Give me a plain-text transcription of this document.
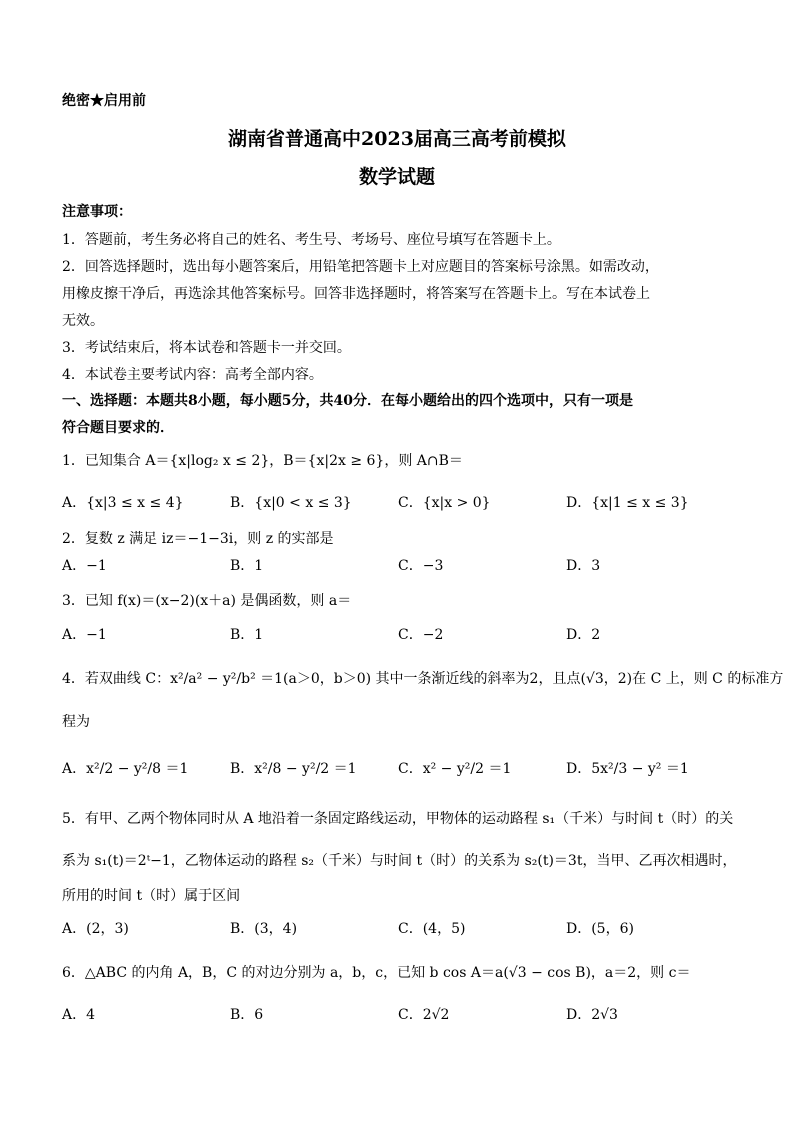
绝密★启用前
湖南省普通高中2023届高三高考前模拟
数学试题
注意事项：
1．答题前，考生务必将自己的姓名、考生号、考场号、座位号填写在答题卡上。
2．回答选择题时，选出每小题答案后，用铅笔把答题卡上对应题目的答案标号涂黑。如需改动，
用橡皮擦干净后，再选涂其他答案标号。回答非选择题时，将答案写在答题卡上。写在本试卷上
无效。
3．考试结束后，将本试卷和答题卡一并交回。
4．本试卷主要考试内容：高考全部内容。
一、选择题：本题共8小题，每小题5分，共40分．在每小题给出的四个选项中，只有一项是
符合题目要求的．
1．已知集合 A＝{x|log₂ x ≤ 2}，B＝{x|2x ≥ 6}，则 A∩B＝
A．{x|3 ≤ x ≤ 4}	B．{x|0 < x ≤ 3}	C．{x|x > 0}	D．{x|1 ≤ x ≤ 3}
2．复数 z 满足 iz＝−1−3i，则 z 的实部是
A．−1	B．1	C．−3	D．3
3．已知 f(x)＝(x−2)(x＋a) 是偶函数，则 a＝
A．−1	B．1	C．−2	D．2
4．若双曲线 C：x²/a² − y²/b² ＝1(a＞0，b＞0) 其中一条渐近线的斜率为2，且点(√3，2)在 C 上，则 C 的标准方
程为
A．x²/2 − y²/8 ＝1	B．x²/8 − y²/2 ＝1	C．x² − y²/2 ＝1	D．5x²/3 − y² ＝1
5．有甲、乙两个物体同时从 A 地沿着一条固定路线运动，甲物体的运动路程 s₁（千米）与时间 t（时）的关
系为 s₁(t)＝2ᵗ−1，乙物体运动的路程 s₂（千米）与时间 t（时）的关系为 s₂(t)＝3t，当甲、乙再次相遇时，
所用的时间 t（时）属于区间
A．(2，3)	B．(3，4)	C．(4，5)	D．(5，6)
6．△ABC 的内角 A，B，C 的对边分别为 a，b，c，已知 b cos A＝a(√3 − cos B)，a＝2，则 c＝
A．4	B．6	C．2√2	D．2√3
